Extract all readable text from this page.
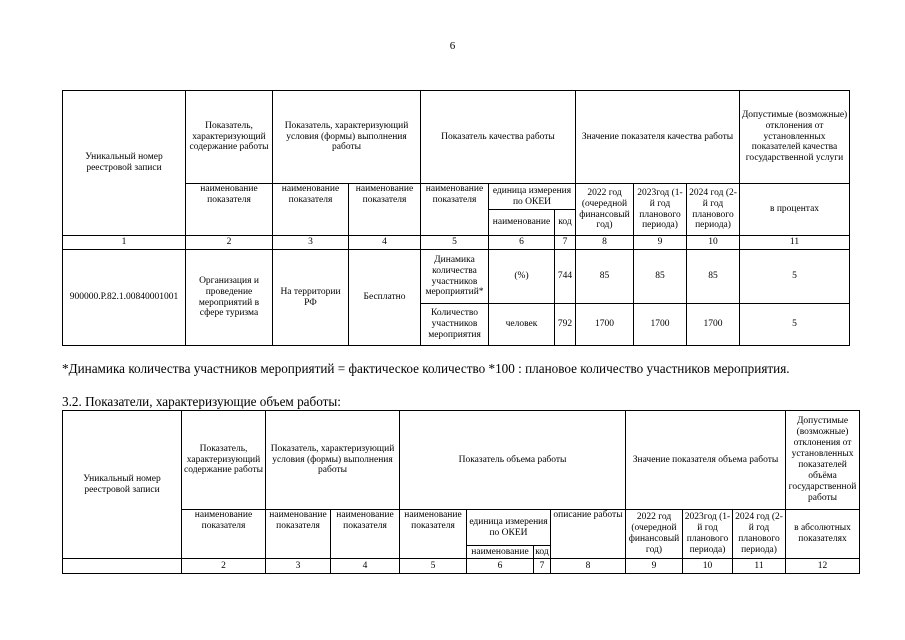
6
Уникальный номер реестровой записи	Показатель, характеризующий содержание работы	Показатель, характеризующий условия (формы) выполнения работы		Показатель качества работы			Значение показателя качества работы			Допустимые (возможные) отклонения от установленных показателей качества государственной услуги
	наименование показателя	наименование показателя	наименование показателя	наименование показателя	единица измерения по ОКЕИ		2022 год (очередной финансовый год)	2023год (1-й год планового периода)	2024 год (2-й год планового периода)	в процентах
					наименование	код				
1	2	3	4	5	6	7	8	9	10	11
900000.Р.82.1.00840001001	Организация и проведение мероприятий в сфере туризма	На территории РФ	Бесплатно	Динамика количества участников мероприятий*	(%)	744	85	85	85	5
				Количество участников мероприятия	человек	792	1700	1700	1700	5
*Динамика количества участников мероприятий = фактическое количество *100 : плановое количество участников мероприятия.
3.2. Показатели, характеризующие объем работы:
Уникальный номер реестровой записи	Показатель, характеризующий содержание работы	Показатель, характеризующий условия (формы) выполнения работы		Показатель объема работы				Значение показателя объема работы			Допустимые (возможные) отклонения от установленных показателей объёма государственной работы
	наименование показателя	наименование показателя	наименование показателя	наименование показателя	единица измерения по ОКЕИ		описание работы	2022 год (очередной финансовый год)	2023год (1-й год планового периода)	2024 год (2-й год планового периода)	в абсолютных показателях
					наименование	код					
	2	3	4	5	6	7	8	9	10	11	12
